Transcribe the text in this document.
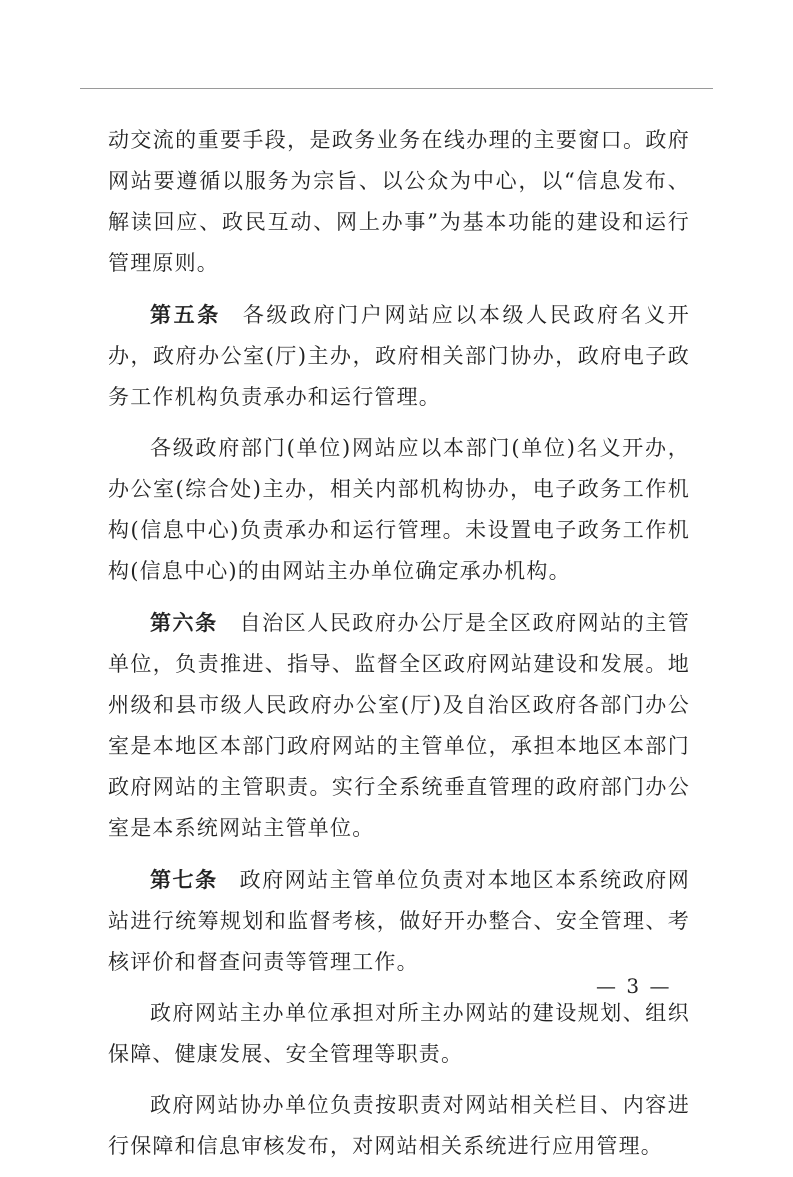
动交流的重要手段，是政务业务在线办理的主要窗口。政府网站要遵循以服务为宗旨、以公众为中心，以“信息发布、解读回应、政民互动、网上办事”为基本功能的建设和运行管理原则。

第五条 各级政府门户网站应以本级人民政府名义开办，政府办公室(厅)主办，政府相关部门协办，政府电子政务工作机构负责承办和运行管理。

各级政府部门(单位)网站应以本部门(单位)名义开办，办公室(综合处)主办，相关内部机构协办，电子政务工作机构(信息中心)负责承办和运行管理。未设置电子政务工作机构(信息中心)的由网站主办单位确定承办机构。

第六条 自治区人民政府办公厅是全区政府网站的主管单位，负责推进、指导、监督全区政府网站建设和发展。地州级和县市级人民政府办公室(厅)及自治区政府各部门办公室是本地区本部门政府网站的主管单位，承担本地区本部门政府网站的主管职责。实行全系统垂直管理的政府部门办公室是本系统网站主管单位。

第七条 政府网站主管单位负责对本地区本系统政府网站进行统筹规划和监督考核，做好开办整合、安全管理、考核评价和督查问责等管理工作。

政府网站主办单位承担对所主办网站的建设规划、组织保障、健康发展、安全管理等职责。

政府网站协办单位负责按职责对网站相关栏目、内容进行保障和信息审核发布，对网站相关系统进行应用管理。

— 3 —
